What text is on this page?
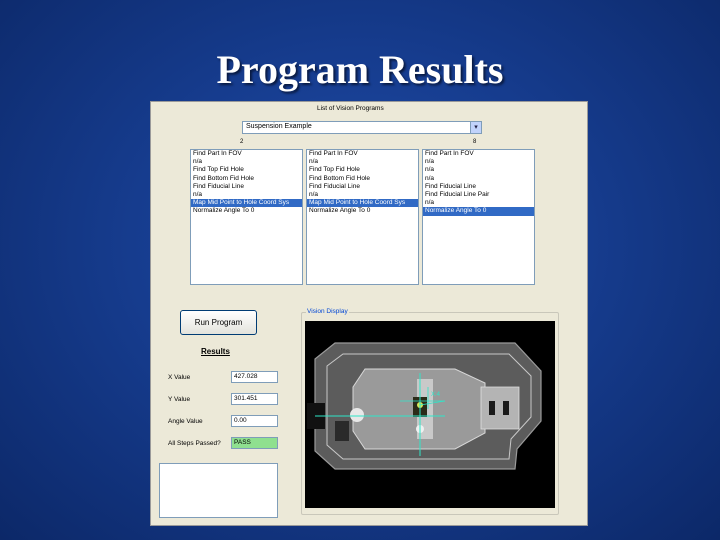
Program Results
List of Vision Programs
Suspension Example	▾
2	8
Find Part In FOV
n/a
Find Top Fid Hole
Find Bottom Fid Hole
Find Fiducial Line
n/a
Map Mid Point to Hole Coord Sys
Normalize Angle To 0
Find Part In FOV
n/a
Find Top Fid Hole
Find Bottom Fid Hole
Find Fiducial Line
n/a
Map Mid Point to Hole Coord Sys
Normalize Angle To 0
Find Part In FOV
n/a
n/a
n/a
Find Fiducial Line
Find Fiducial Line Pair
n/a
Normalize Angle To 0
Run Program
Results
X Value	427.028
Y Value	301.451
Angle Value	0.00
All Steps Passed?	PASS
Vision Display
X:4
